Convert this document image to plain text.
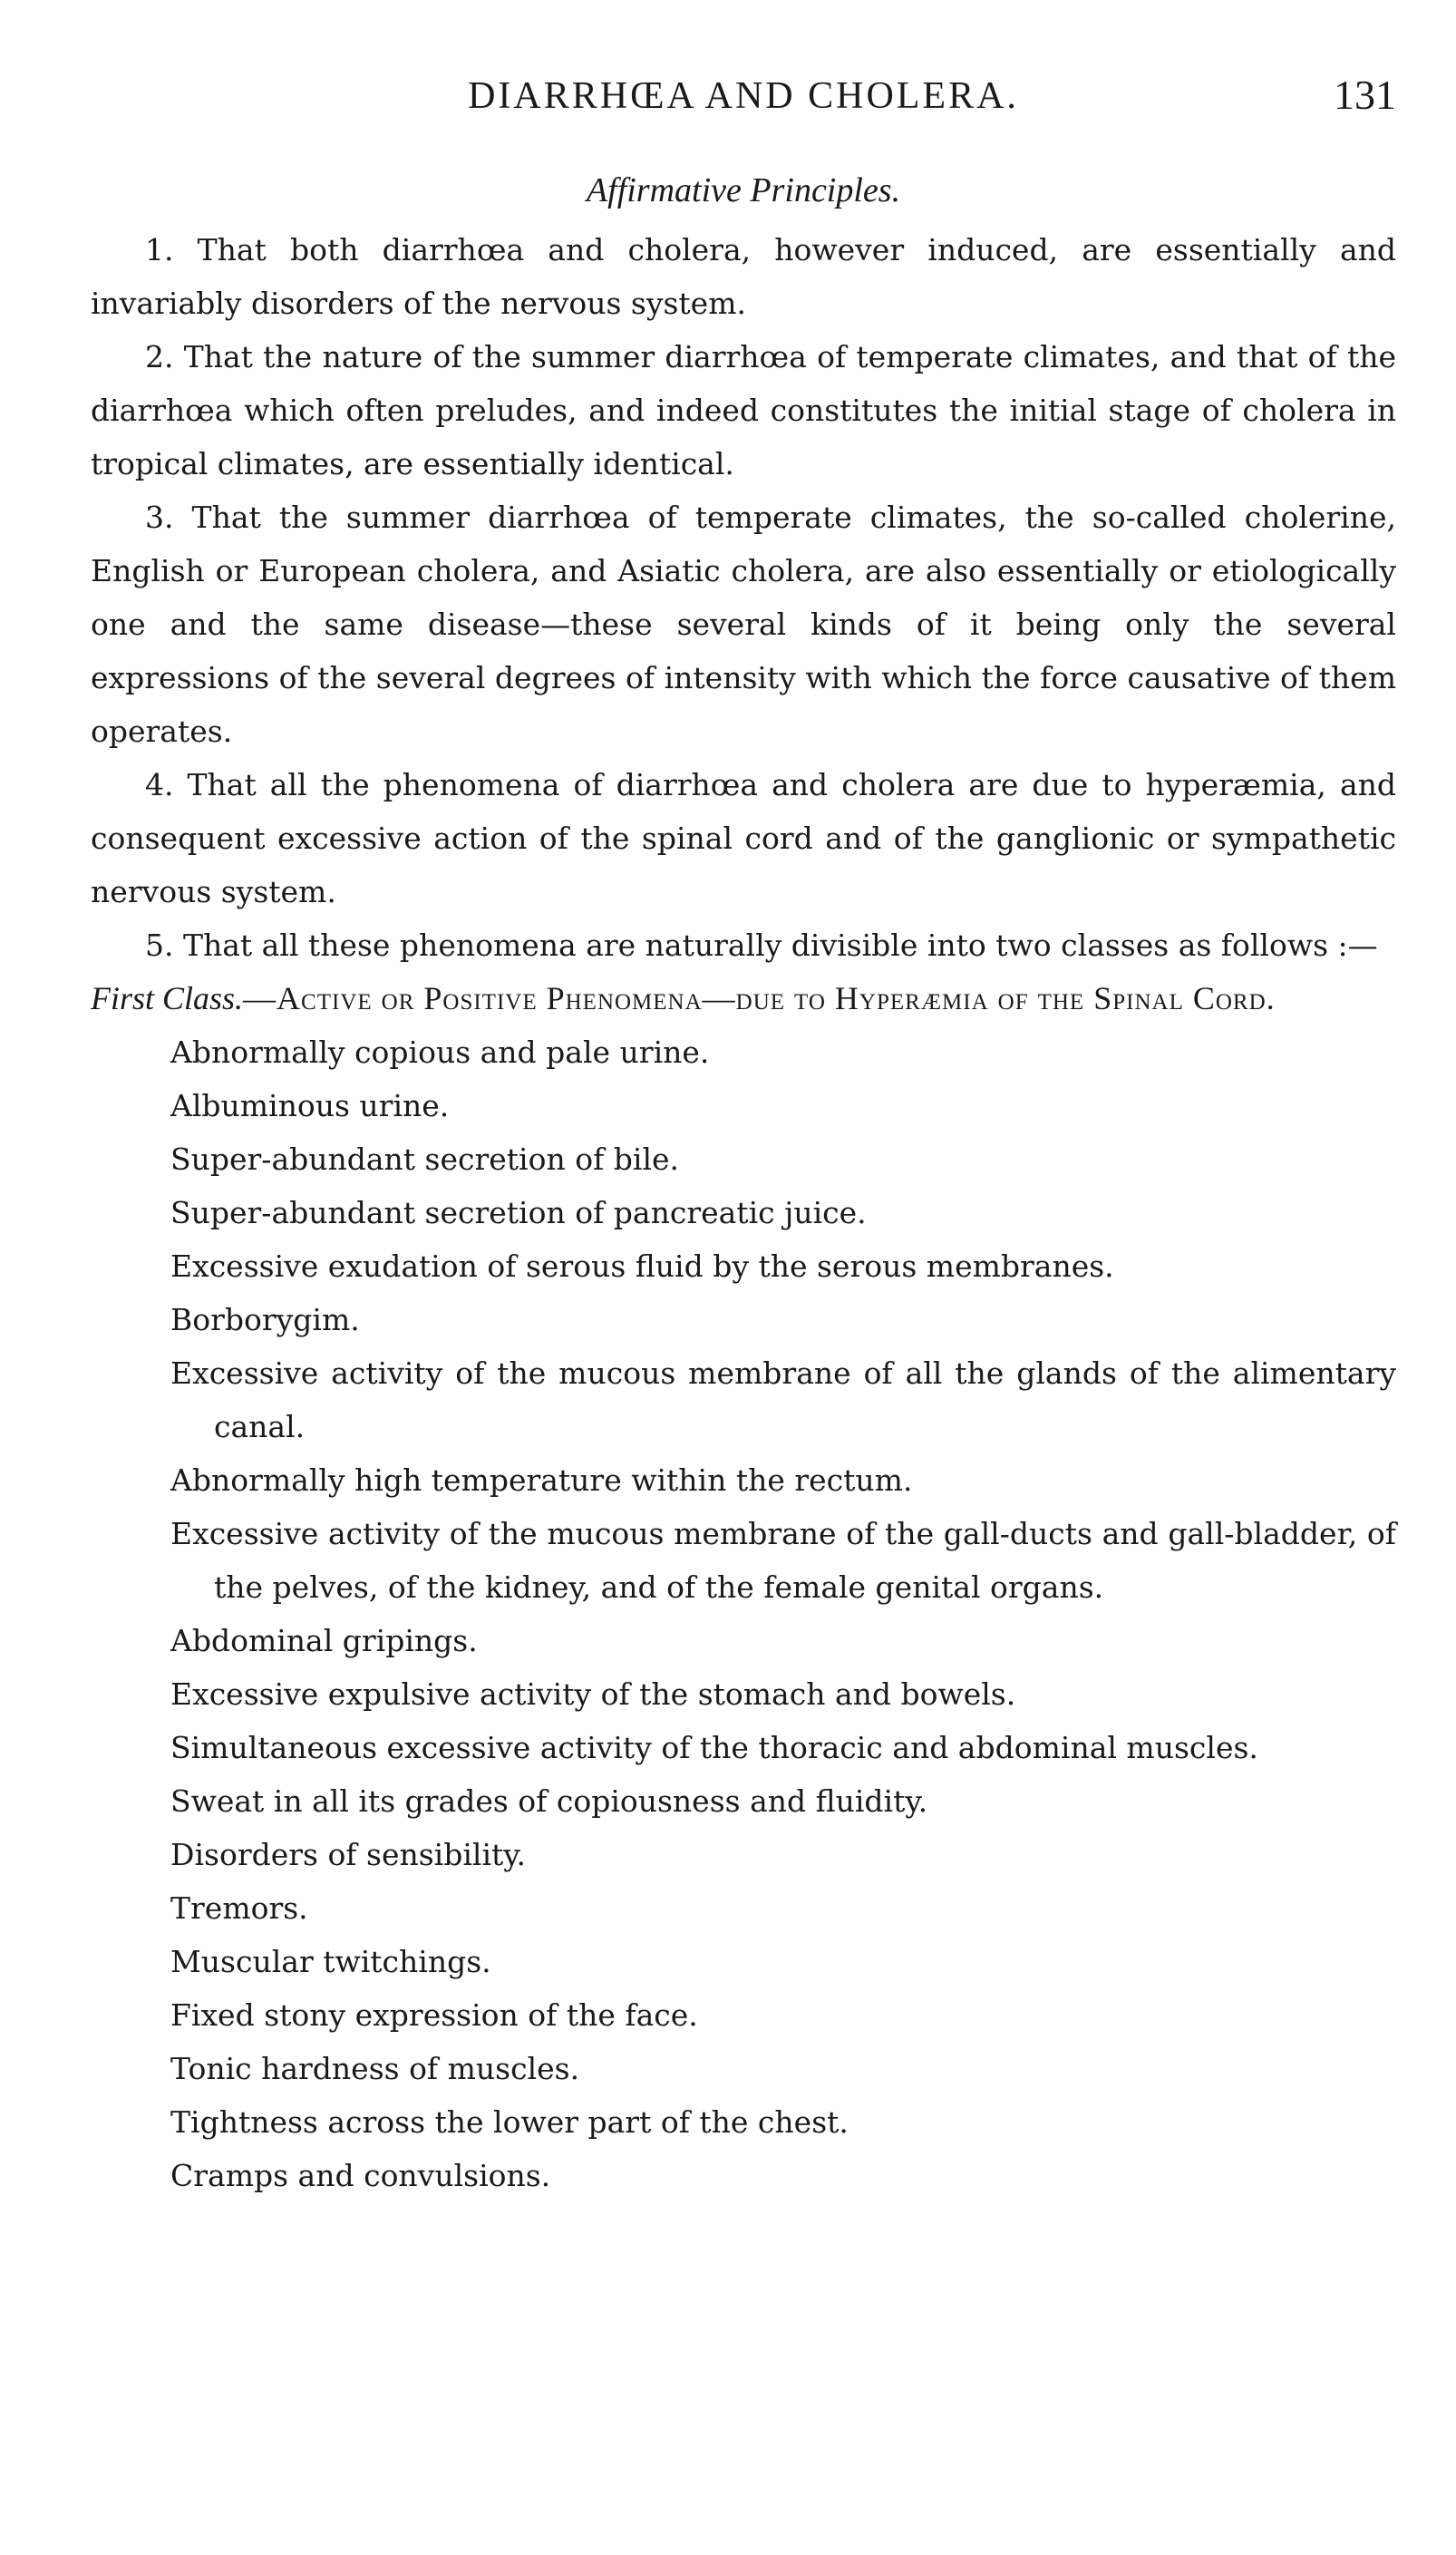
DIARRHŒA AND CHOLERA.	131
Affirmative Principles.

1. That both diarrhœa and cholera, however induced, are essentially and invariably disorders of the nervous system.

2. That the nature of the summer diarrhœa of temperate climates, and that of the diarrhœa which often preludes, and indeed constitutes the initial stage of cholera in tropical climates, are essentially identical.

3. That the summer diarrhœa of temperate climates, the so-called cholerine, English or European cholera, and Asiatic cholera, are also essentially or etiologically one and the same disease—these several kinds of it being only the several expressions of the several degrees of intensity with which the force causative of them operates.

4. That all the phenomena of diarrhœa and cholera are due to hyperæmia, and consequent excessive action of the spinal cord and of the ganglionic or sympathetic nervous system.

5. That all these phenomena are naturally divisible into two classes as follows :—

First Class.—Active or Positive Phenomena—due to Hyperæmia of the Spinal Cord.

Abnormally copious and pale urine.
Albuminous urine.
Super-abundant secretion of bile.
Super-abundant secretion of pancreatic juice.
Excessive exudation of serous fluid by the serous membranes.
Borborygim.
Excessive activity of the mucous membrane of all the glands of the alimentary canal.
Abnormally high temperature within the rectum.
Excessive activity of the mucous membrane of the gall-ducts and gall-bladder, of the pelves, of the kidney, and of the female genital organs.
Abdominal gripings.
Excessive expulsive activity of the stomach and bowels.
Simultaneous excessive activity of the thoracic and abdominal muscles.
Sweat in all its grades of copiousness and fluidity.
Disorders of sensibility.
Tremors.
Muscular twitchings.
Fixed stony expression of the face.
Tonic hardness of muscles.
Tightness across the lower part of the chest.
Cramps and convulsions.
